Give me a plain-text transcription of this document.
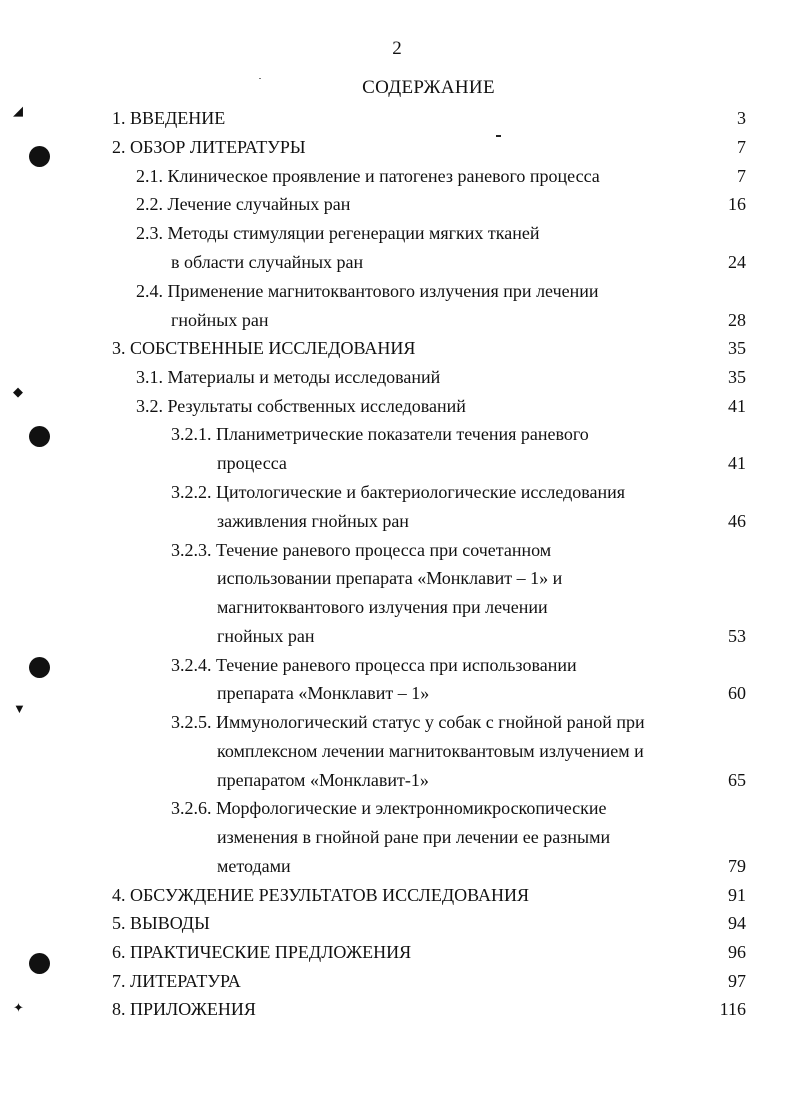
◢
◆
▼
✦
2
СОДЕРЖАНИЕ
1. ВВЕДЕНИЕ	3
2. ОБЗОР ЛИТЕРАТУРЫ	7
2.1. Клиническое проявление и патогенез раневого процесса	7
2.2. Лечение случайных ран	16
2.3. Методы стимуляции регенерации мягких тканей
в области случайных ран	24
2.4. Применение магнитоквантового излучения при лечении
гнойных ран	28
3. СОБСТВЕННЫЕ ИССЛЕДОВАНИЯ	35
3.1. Материалы и методы исследований	35
3.2. Результаты собственных исследований	41
3.2.1. Планиметрические показатели течения раневого
процесса	41
3.2.2. Цитологические и бактериологические исследования
заживления гнойных ран	46
3.2.3. Течение раневого процесса при сочетанном
использовании препарата «Монклавит – 1» и
магнитоквантового излучения при лечении
гнойных ран	53
3.2.4. Течение раневого процесса при использовании
препарата «Монклавит – 1»	60
3.2.5. Иммунологический статус у собак с гнойной раной при
комплексном лечении магнитоквантовым излучением и
препаратом «Монклавит-1»	65
3.2.6. Морфологические и электронномикроскопические
изменения в гнойной ране при лечении ее разными
методами	79
4. ОБСУЖДЕНИЕ РЕЗУЛЬТАТОВ ИССЛЕДОВАНИЯ	91
5. ВЫВОДЫ	94
6. ПРАКТИЧЕСКИЕ ПРЕДЛОЖЕНИЯ	96
7. ЛИТЕРАТУРА	97
8. ПРИЛОЖЕНИЯ	116
